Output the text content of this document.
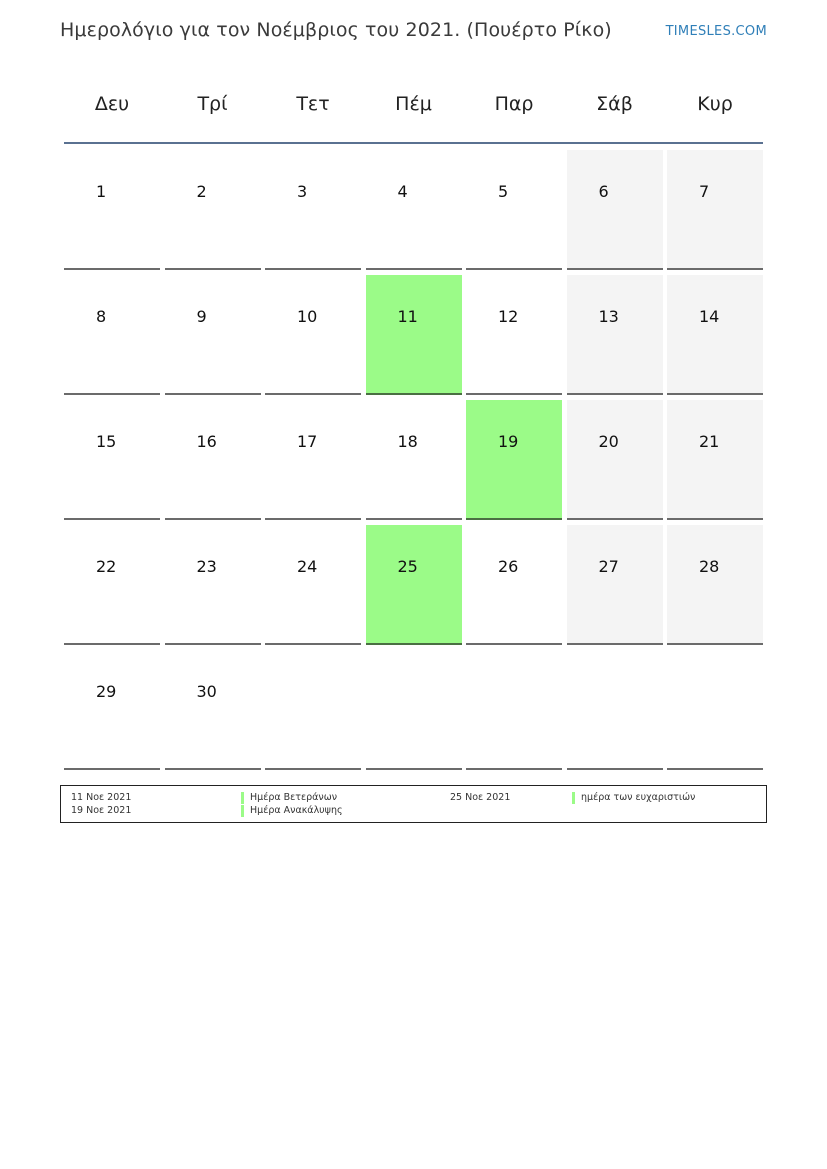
Ημερολόγιο για τον Νοέμβριος του 2021. (Πουέρτο Ρίκο)	TIMESLES.COM
Δευ	Τρί	Τετ	Πέμ	Παρ	Σάβ	Κυρ
1	2	3	4	5	6	7
8	9	10	11	12	13	14
15	16	17	18	19	20	21
22	23	24	25	26	27	28
29	30
11 Νοε 2021	Ημέρα Βετεράνων
19 Νοε 2021	Ημέρα Ανακάλυψης
25 Νοε 2021	ημέρα των ευχαριστιών
